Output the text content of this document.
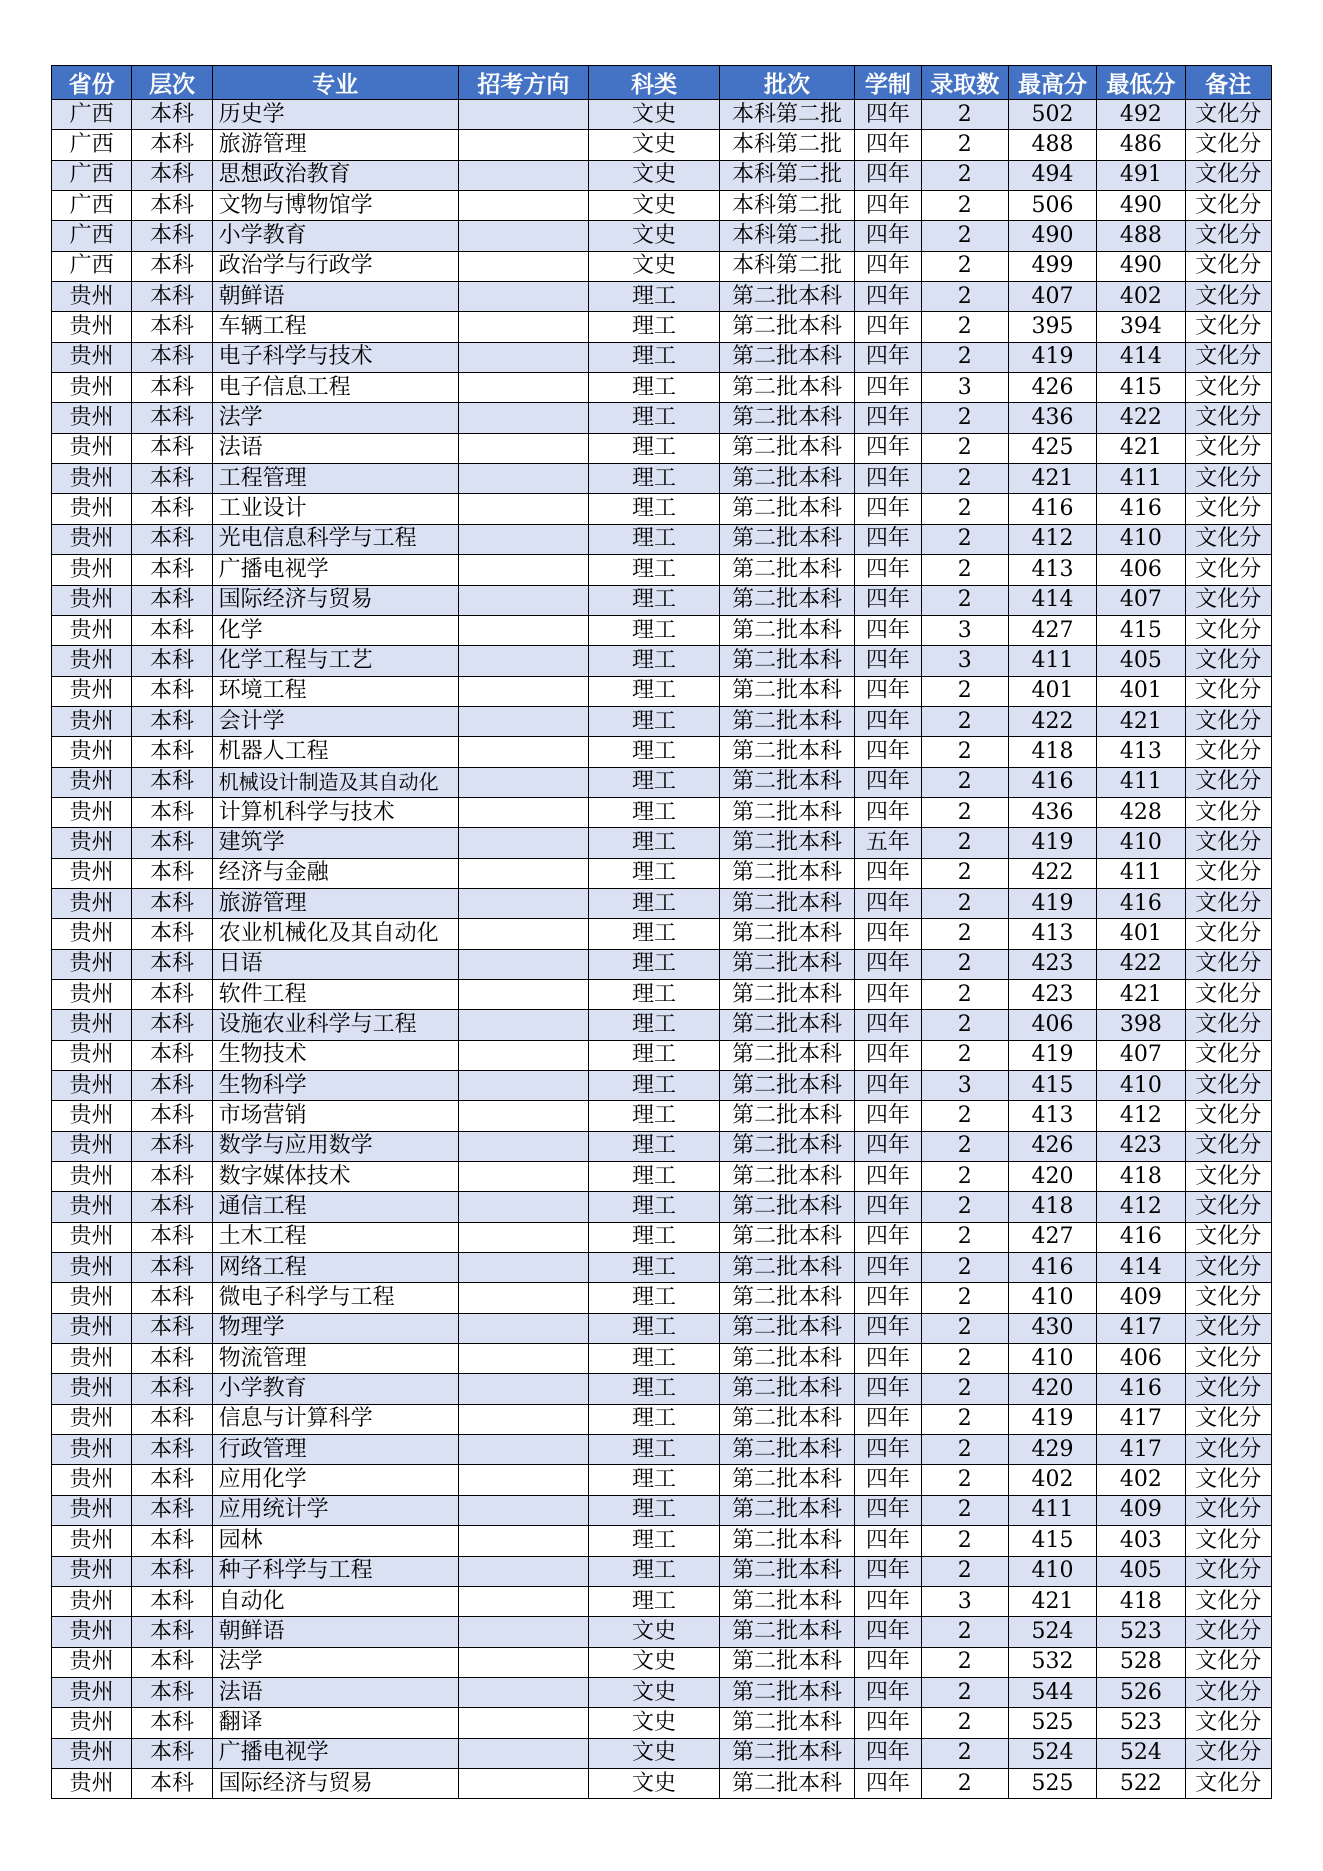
省份	层次	专业	招考方向	科类	批次	学制	录取数	最高分	最低分	备注
广西	本科	历史学		文史	本科第二批	四年	2	502	492	文化分
广西	本科	旅游管理		文史	本科第二批	四年	2	488	486	文化分
广西	本科	思想政治教育		文史	本科第二批	四年	2	494	491	文化分
广西	本科	文物与博物馆学		文史	本科第二批	四年	2	506	490	文化分
广西	本科	小学教育		文史	本科第二批	四年	2	490	488	文化分
广西	本科	政治学与行政学		文史	本科第二批	四年	2	499	490	文化分
贵州	本科	朝鲜语		理工	第二批本科	四年	2	407	402	文化分
贵州	本科	车辆工程		理工	第二批本科	四年	2	395	394	文化分
贵州	本科	电子科学与技术		理工	第二批本科	四年	2	419	414	文化分
贵州	本科	电子信息工程		理工	第二批本科	四年	3	426	415	文化分
贵州	本科	法学		理工	第二批本科	四年	2	436	422	文化分
贵州	本科	法语		理工	第二批本科	四年	2	425	421	文化分
贵州	本科	工程管理		理工	第二批本科	四年	2	421	411	文化分
贵州	本科	工业设计		理工	第二批本科	四年	2	416	416	文化分
贵州	本科	光电信息科学与工程		理工	第二批本科	四年	2	412	410	文化分
贵州	本科	广播电视学		理工	第二批本科	四年	2	413	406	文化分
贵州	本科	国际经济与贸易		理工	第二批本科	四年	2	414	407	文化分
贵州	本科	化学		理工	第二批本科	四年	3	427	415	文化分
贵州	本科	化学工程与工艺		理工	第二批本科	四年	3	411	405	文化分
贵州	本科	环境工程		理工	第二批本科	四年	2	401	401	文化分
贵州	本科	会计学		理工	第二批本科	四年	2	422	421	文化分
贵州	本科	机器人工程		理工	第二批本科	四年	2	418	413	文化分
贵州	本科	机械设计制造及其自动化		理工	第二批本科	四年	2	416	411	文化分
贵州	本科	计算机科学与技术		理工	第二批本科	四年	2	436	428	文化分
贵州	本科	建筑学		理工	第二批本科	五年	2	419	410	文化分
贵州	本科	经济与金融		理工	第二批本科	四年	2	422	411	文化分
贵州	本科	旅游管理		理工	第二批本科	四年	2	419	416	文化分
贵州	本科	农业机械化及其自动化		理工	第二批本科	四年	2	413	401	文化分
贵州	本科	日语		理工	第二批本科	四年	2	423	422	文化分
贵州	本科	软件工程		理工	第二批本科	四年	2	423	421	文化分
贵州	本科	设施农业科学与工程		理工	第二批本科	四年	2	406	398	文化分
贵州	本科	生物技术		理工	第二批本科	四年	2	419	407	文化分
贵州	本科	生物科学		理工	第二批本科	四年	3	415	410	文化分
贵州	本科	市场营销		理工	第二批本科	四年	2	413	412	文化分
贵州	本科	数学与应用数学		理工	第二批本科	四年	2	426	423	文化分
贵州	本科	数字媒体技术		理工	第二批本科	四年	2	420	418	文化分
贵州	本科	通信工程		理工	第二批本科	四年	2	418	412	文化分
贵州	本科	土木工程		理工	第二批本科	四年	2	427	416	文化分
贵州	本科	网络工程		理工	第二批本科	四年	2	416	414	文化分
贵州	本科	微电子科学与工程		理工	第二批本科	四年	2	410	409	文化分
贵州	本科	物理学		理工	第二批本科	四年	2	430	417	文化分
贵州	本科	物流管理		理工	第二批本科	四年	2	410	406	文化分
贵州	本科	小学教育		理工	第二批本科	四年	2	420	416	文化分
贵州	本科	信息与计算科学		理工	第二批本科	四年	2	419	417	文化分
贵州	本科	行政管理		理工	第二批本科	四年	2	429	417	文化分
贵州	本科	应用化学		理工	第二批本科	四年	2	402	402	文化分
贵州	本科	应用统计学		理工	第二批本科	四年	2	411	409	文化分
贵州	本科	园林		理工	第二批本科	四年	2	415	403	文化分
贵州	本科	种子科学与工程		理工	第二批本科	四年	2	410	405	文化分
贵州	本科	自动化		理工	第二批本科	四年	3	421	418	文化分
贵州	本科	朝鲜语		文史	第二批本科	四年	2	524	523	文化分
贵州	本科	法学		文史	第二批本科	四年	2	532	528	文化分
贵州	本科	法语		文史	第二批本科	四年	2	544	526	文化分
贵州	本科	翻译		文史	第二批本科	四年	2	525	523	文化分
贵州	本科	广播电视学		文史	第二批本科	四年	2	524	524	文化分
贵州	本科	国际经济与贸易		文史	第二批本科	四年	2	525	522	文化分
